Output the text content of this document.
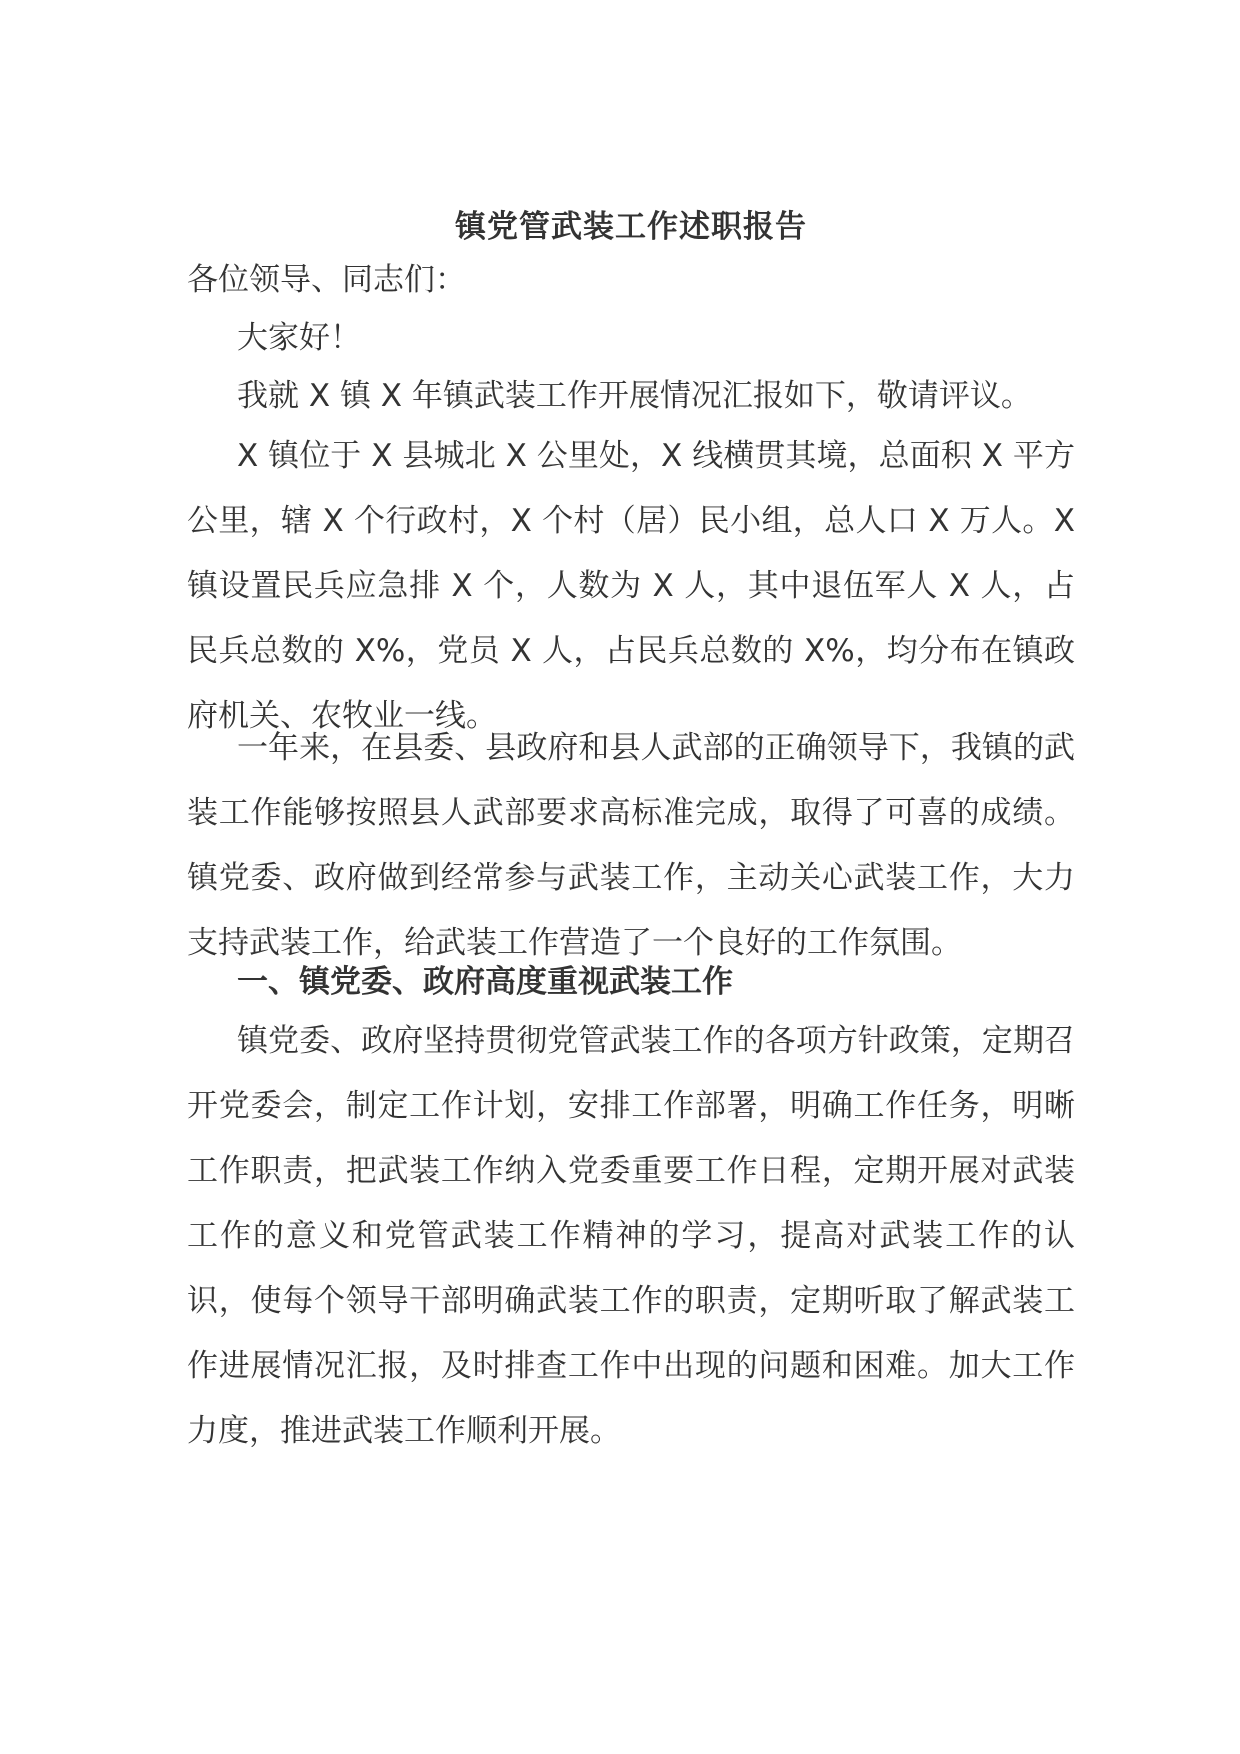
镇党管武装工作述职报告

各位领导、同志们：

大家好！

我就 X 镇 X 年镇武装工作开展情况汇报如下，敬请评议。

X 镇位于 X 县城北 X 公里处，X 线横贯其境，总面积 X 平方公里，辖 X 个行政村，X 个村（居）民小组，总人口 X 万人。X 镇设置民兵应急排 X 个，人数为 X 人，其中退伍军人 X 人，占民兵总数的 X%，党员 X 人，占民兵总数的 X%，均分布在镇政府机关、农牧业一线。

一年来，在县委、县政府和县人武部的正确领导下，我镇的武装工作能够按照县人武部要求高标准完成，取得了可喜的成绩。镇党委、政府做到经常参与武装工作，主动关心武装工作，大力支持武装工作，给武装工作营造了一个良好的工作氛围。

一、镇党委、政府高度重视武装工作

镇党委、政府坚持贯彻党管武装工作的各项方针政策，定期召开党委会，制定工作计划，安排工作部署，明确工作任务，明晰工作职责，把武装工作纳入党委重要工作日程，定期开展对武装工作的意义和党管武装工作精神的学习，提高对武装工作的认识，使每个领导干部明确武装工作的职责，定期听取了解武装工作进展情况汇报，及时排查工作中出现的问题和困难。加大工作力度，推进武装工作顺利开展。
